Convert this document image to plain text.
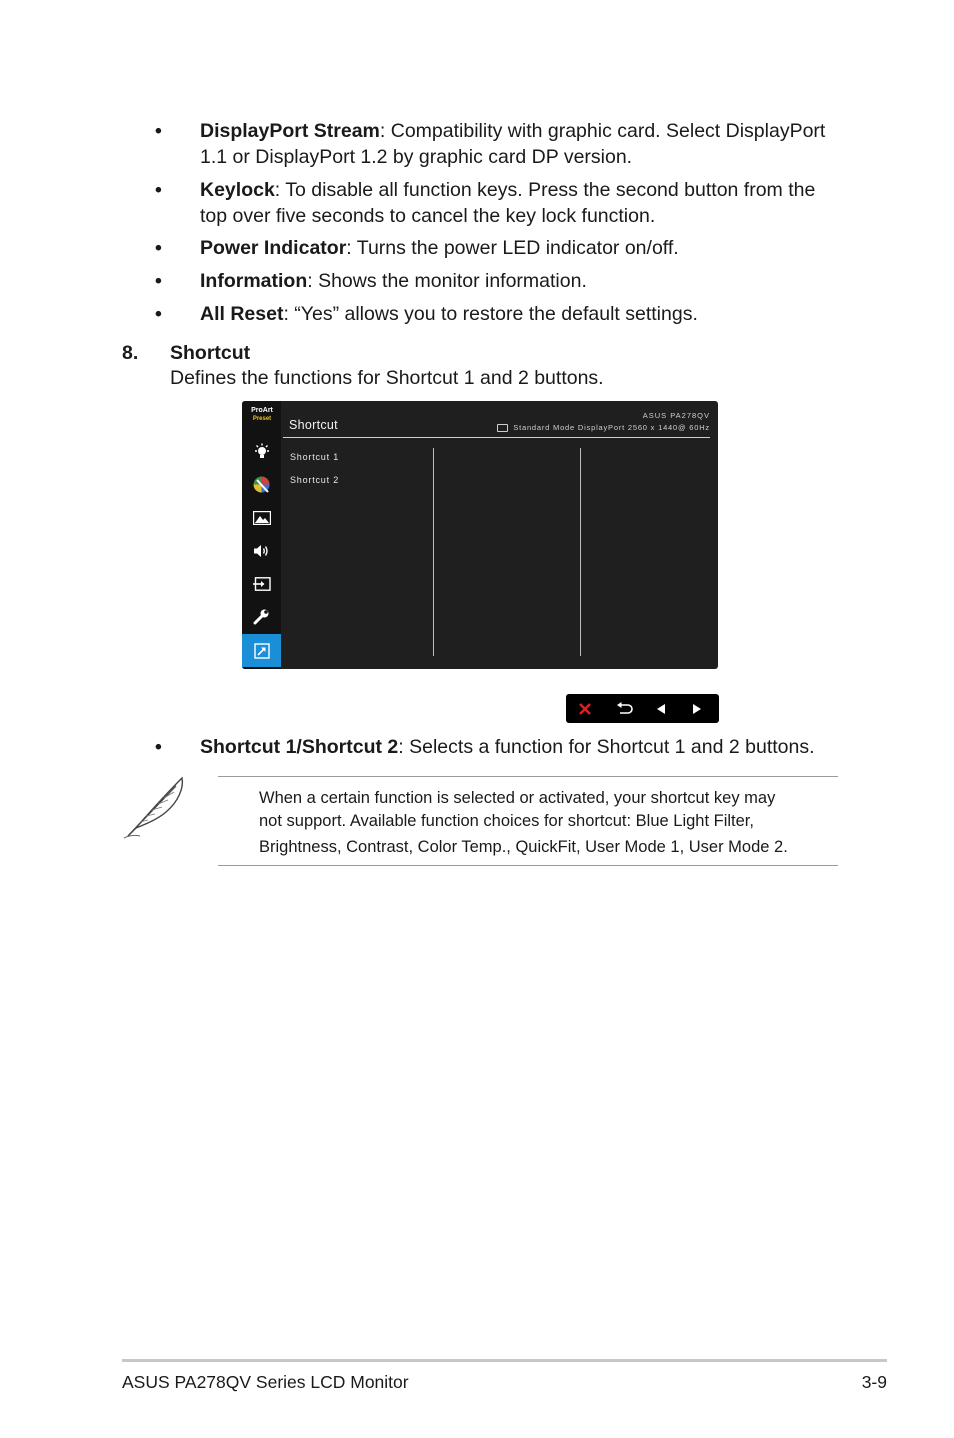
• DisplayPort Stream: Compatibility with graphic card. Select DisplayPort 1.1 or DisplayPort 1.2 by graphic card DP version.
• Keylock: To disable all function keys. Press the second button from the top over five seconds to cancel the key lock function.
• Power Indicator: Turns the power LED indicator on/off.
• Information: Shows the monitor information.
• All Reset: “Yes” allows you to restore the default settings.
8. Shortcut
Defines the functions for Shortcut 1 and 2 buttons.
ProArt
Preset	Shortcut
ASUS PA278QV
Standard Mode DisplayPort 2560 x 1440@ 60Hz
Shortcut 1
Shortcut 2
• Shortcut 1/Shortcut 2: Selects a function for Shortcut 1 and 2 buttons.
When a certain function is selected or activated, your shortcut key may
not support. Available function choices for shortcut: Blue Light Filter,
Brightness, Contrast, Color Temp., QuickFit, User Mode 1, User Mode 2.
ASUS PA278QV Series LCD Monitor	3-9
